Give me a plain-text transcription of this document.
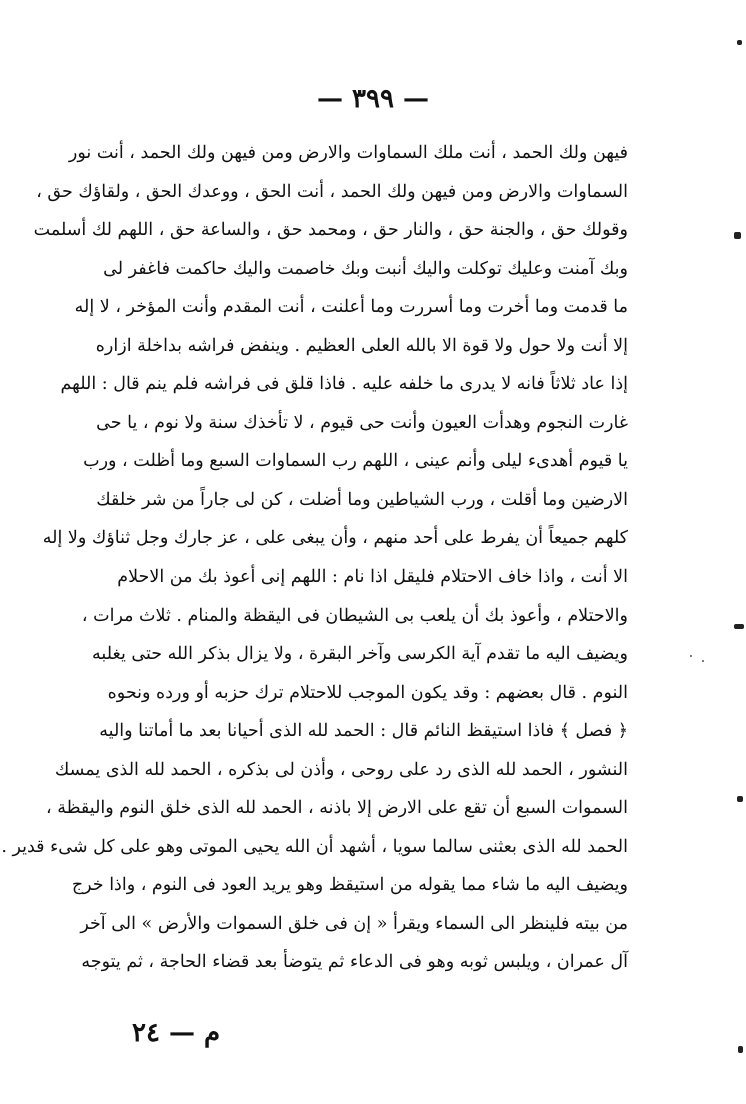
— ٣٩٩ —
فيهن ولك الحمد ، أنت ملك السماوات والارض ومن فيهن ولك الحمد ، أنت نور
السماوات والارض ومن فيهن ولك الحمد ، أنت الحق ، ووعدك الحق ، ولقاؤك حق ،
وقولك حق ، والجنة حق ، والنار حق ، ومحمد حق ، والساعة حق ، اللهم لك أسلمت
وبك آمنت وعليك توكلت واليك أنبت وبك خاصمت واليك حاكمت فاغفر لى
ما قدمت وما أخرت وما أسررت وما أعلنت ، أنت المقدم وأنت المؤخر ، لا إله
إلا أنت ولا حول ولا قوة الا بالله العلى العظيم . وينفض فراشه بداخلة ازاره
إذا عاد ثلاثاً فانه لا يدرى ما خلفه عليه . فاذا قلق فى فراشه فلم ينم قال : اللهم
غارت النجوم وهدأت العيون وأنت حى قيوم ، لا تأخذك سنة ولا نوم ، يا حى
يا قيوم أهدىء ليلى وأنم عينى ، اللهم رب السماوات السبع وما أظلت ، ورب
الارضين وما أقلت ، ورب الشياطين وما أضلت ، كن لى جاراً من شر خلقك
كلهم جميعاً أن يفرط على أحد منهم ، وأن يبغى على ، عز جارك وجل ثناؤك ولا إله
الا أنت ، واذا خاف الاحتلام فليقل اذا نام : اللهم إنى أعوذ بك من الاحلام
والاحتلام ، وأعوذ بك أن يلعب بى الشيطان فى اليقظة والمنام . ثلاث مرات ،
ويضيف اليه ما تقدم آية الكرسى وآخر البقرة ، ولا يزال بذكر الله حتى يغلبه
النوم . قال بعضهم : وقد يكون الموجب للاحتلام ترك حزبه أو ورده ونحوه
﴿ فصل ﴾ فاذا استيقظ النائم قال : الحمد لله الذى أحيانا بعد ما أماتنا واليه
النشور ، الحمد لله الذى رد على روحى ، وأذن لى بذكره ، الحمد لله الذى يمسك
السموات السبع أن تقع على الارض إلا باذنه ، الحمد لله الذى خلق النوم واليقظة ،
الحمد لله الذى بعثنى سالما سويا ، أشهد أن الله يحيى الموتى وهو على كل شىء قدير .
ويضيف اليه ما شاء مما يقوله من استيقظ وهو يريد العود فى النوم ، واذا خرج
من بيته فلينظر الى السماء ويقرأ « إن فى خلق السموات والأرض » الى آخر
آل عمران ، ويلبس ثوبه وهو فى الدعاء ثم يتوضأ بعد قضاء الحاجة ، ثم يتوجه
م — ٢٤
